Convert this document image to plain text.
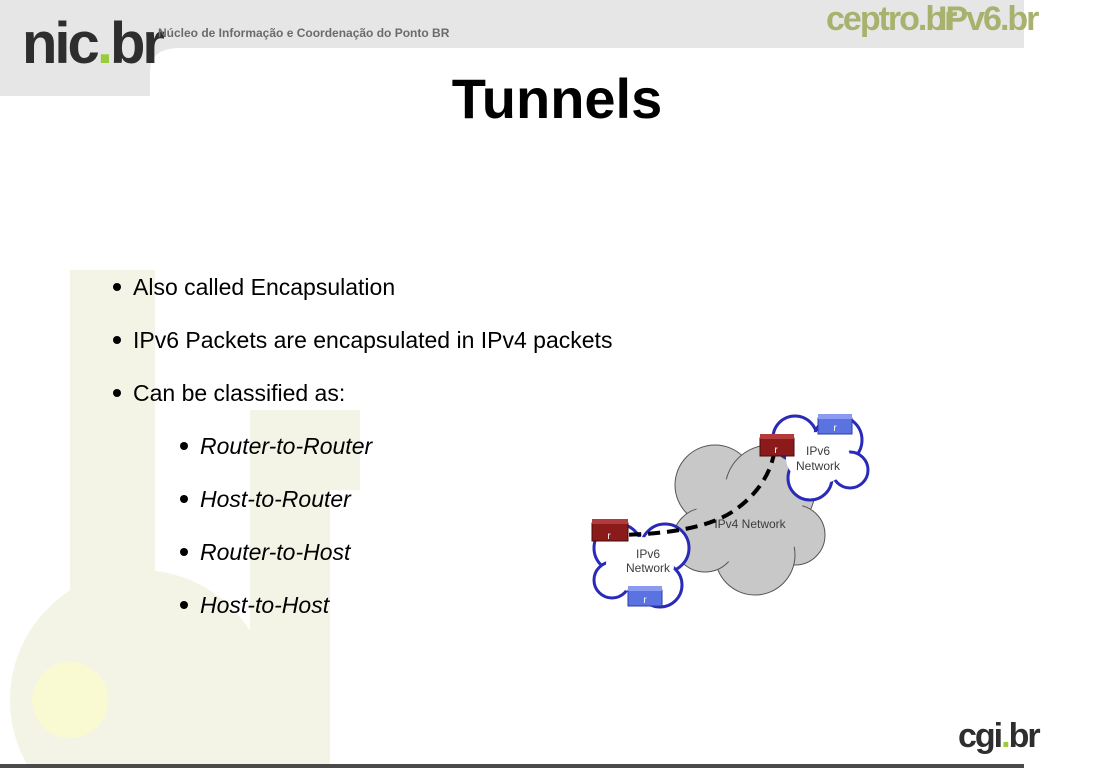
nic.br
Núcleo de Informação e Coordenação do Ponto BR	ceptro.br
IPv6.br
Tunnels
Also called Encapsulation
IPv6 Packets are encapsulated in IPv4 packets
Can be classified as:
Router-to-Router
Host-to-Router
Router-to-Host
Host-to-Host
IPv4 Network
IPv6
Network
IPv6
Network
r
r
r
r
cgi.br
